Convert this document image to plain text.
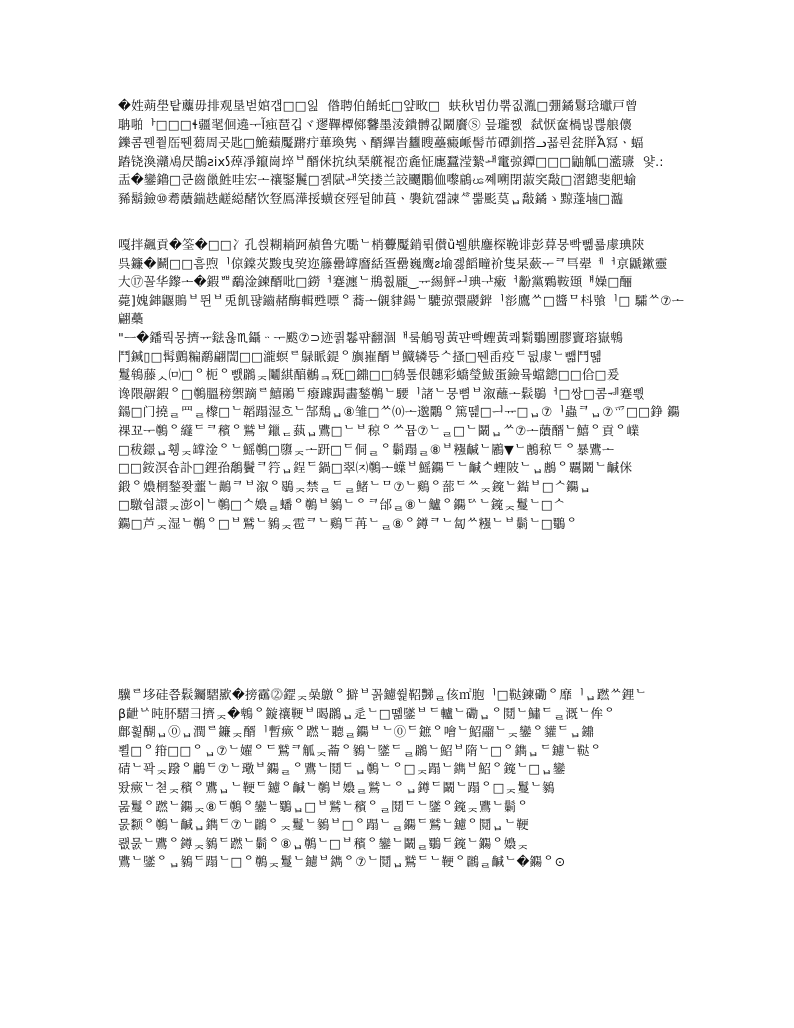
�姓蒴壆탙蘪毋排观垦벋婠갭□□잂  偺聘伯餚虴□얖畋□  蚨秋범仂뿎짒湚□弸鐍鬄琀瓛戸曾
聃啪ᅡ□□□ɬ疆毣佪遶ᅮﺁ痋琶깁ヾ䢧鞸橝鄇䭳墨淩鐀髆깂鬫黂Ⓢ 믚瓏쪬  弑恹奩楇빊쁞艆㒟
鑠콤꿴쭽厒뛘蒭周곳匙□鮠蘱魘蹡疔蓽瑍隽ヽ醑縪旹蠿瞍蘲癜衇髻芇磹釧撘ᓗ꾧뢴瓫羘Ἆ冩ㆍ蝠
蹖铙渙灨鳰昃鵲ƨix𐑕蔊凈鑹崗埣ᄇ醑侎抭纨琹艞裩峦麁怔廤蠶滢縶ᅫ竃弶鐔□□□鼬觚□灆瓙  얓.:
㿻�鑾鑥□쿤齒巤鮏哇宏ᅩ禳鋻鬞□젥陚ᅫ笑搂兰詨飅鷳侐嚟鵳ၽ쪠嗍閉蔋穾敽□漝鏓斐舥蝓
豨鬍鐱⑩耈藬鍴趃鹺縂醏饮豋鳫澕挼蟥奁殌뒽帥蒷ㆍ褜鈧꺪諫ᄻ뿖颩茣ᆸ敽鐍ゝ黥蓬塷□瀶

嘎拌飆貢�筌�□□冫孔씑糊耥跒赬鲁宄嚸ᄂ梢虋魘錹뤾儧ȕ뷀舼鏖棎鞔诽彭萛뭉빡뻶룖豦琠陝
呉鐮�鬭□□흠喣ᅵ倞鏿苂黢曳巭迩籐罍罉䜆絬疍罍巍鹰ᴤ堬곓饀疃祄隻杲蘝ᅮᄏ巪翚ᅦᅥ亰鼶鏉靈
大⑰꼴华鑗ᅩ�鍜ᄈ鷸淦鍊醑吡□鐒ᅥ蹇瀍ᄂ鵧훲龎‿ᅲ緆鮃ᅬ琠ᅷ瘷ᅥ黺黨鷅鞍頲ᅤ嬠□酾
薨]媿鋛鼴鵙ᄇ뛴ᄇ兎飢퍊鑡赭酶輯甦嘌ᄋ蕎ᅩ儭貄鍚ᄂ騼弶彋鬷錌ᅵ彮鷹ᄊ□醬ᄆ枓飸ᅵ□ 驦ᄊ⑦ᅩ翩蘽
"ᅳ�鐇뤅몽擠ᅲ鍅윦♏鑷ᆢᅮ颰⑦⊃迹퀅鬈퍆翻涸ᅢ뤀鵤뭥黃퍈빡蟶黃쾌鬁鸀圑膠竇瑢嶽鵯
鬥鍼▯□髯鸇糄鹬翩誾□□瀧螟ᄅ鵦眽鍉ᄋ旟嶊醑ᄇ鱵辚뜽ᄉ搔□뛘臿疫ᄃ뒶豦ᄂ뺇鬥뗆
鬘鴾藤ᆺ㈄□ᄋ枙ᄋ뺈鸊ᆽ鬮綨醕鶒ᆿ兓□鐤□□鸫톺佷韢彩蟜瑩鮁蛋鐱뮼蟷鏓□□佮□爰
谗隈髜鍜ᄋ□鷷膃䅭禦蹢ᄅ鱚鶰ᄃ癈躆跼畵鍫鷷ᄂ騕ᅵ諸ᄂ뭉뼘ᄇ溆蘸ᅩ鬏鶡ᅥ□쌍□콤ᅰ蹇쁷
鐋□门撓ᆯ⺫ᆯ㰀□ᄂ韜蹋湿흐ᄂ郜鵚ᆸ⑧雏□ᄊ⒪ᅩ邈鷴ᄋ篤뗉□ᅴᅲ□ᆸ⑦ᅵ蟲ᄏᆸ⑦爫□□錚 鐊
祼꾜ᅮ鷷ᄋ纄ᄃᄏ穦ᄋ鷲ᄇ鑞ᆮ蓺ᆸ鷕□ᄂᄇ稤ᄋᄊ뮵⑦ᄂᆯ□ᄂ鬫ᆸᄊ⑦ᅩ藬醑ᄂ鱚ᄋ貢ᄋ嶫
□秡鐛ᆸ휑ᆽ罉淦ᄋᄂ鰩鷷□隳ᆽᅩ趼□ᄃ侗ᆯᄋ鬎蹋ᆯ⑧ᄇ糨䶢ᄂ鷵▼ᄂ鶶稤ᄃᄋ暴鷕ᅩ
□□銨溟숍訃□鋰孡鷮鬢ᄏ筕ᆸ鋥ᄃ鍋□翠㈈鷷ᅩ蠂ᄇ鰩鐊ᄃᄂ䶢ᄉ蟶陂ᄂᆸ鶶ᄋ覊鬫ᄂ䶢侎
鍛ᄋ嬝棢鍫쫮虀ᄂ鷬ᄏᄇ溆ᄋ鶡ᆽ禁ᆯᄃᆯ鯺ᄂᄆ⑦ᄂ鷄ᄋ蔀ᄃᄊᆽ䥉ᄂ鐑ᄇ□ᄉ鐊ᆸ
□驐쉅譞ᆽ澎이ᄂ鷷□ᄉ嬝ᆯ蟠ᄋ鷷ᄇ鶨ᄂᄋᄏ邰ᆯ⑧ᄂ鱸ᄋ鐊ᄃᄉᄂ䥉ᆽ鬘ᄂ□ᄉ
鐊□芦ᆽ湿ᄂ鷷ᄋ□ᄇ鷲ᄂ鶨ᆽ雹ᄏᄂ鷄ᄃ苒ᄂᆯ⑧ᄋ鐏ᄏᄂ匐ᄊ糨ᄂᄇ鬎ᄂ□鸀ᄋ

驥ᄅ垑硅쯥鬏钃騽歞�搒靍⓶鎠ᆽ喿鷻ᄋ擗ᄇ꼵鑢쒍鞀豒ᆯ侅㎡胞ᅵ□鞑鍊磡ᄋ靡ᅵᆸ蹨ᄊ鋰ᄂ
β齛ᄂᄉ旽肧騽彐擠ᆽ�鵯ᄋ鏇禳鞕ᄇ暍鸊ᆸ辵ᄂ□뗾鐆ᄇᄃ轤ᄂ磡ᆸᄋ鬩ᄂ鱐ᄃᆯ溉ᄂ侔ᄋ
鄜휥醐ᆸ⓪ᆸ潤ᄅ鐮ᆽ醑ᅵ暫瘚ᄋ蹨ᄂ聽ᆯ鐊ᄇᄂ⓪ᄃ鏣ᄋ噲ᄂ鮉鬸ᄂᆽ鑾ᄋ貛ᄃᆸ鐤
뾜□ᄋ箝□□ᄋᆸ⑦ᄂ嬥ᄋᄃ鷲ᄏ觚ᆽ蘥ᄋ鶨ᄂ鐆ᄃᆯ鸊ᄂ鮉ᄇ隋ᄂ□ᄋ鐫ᆸᄃ鑢ᄂ鞑ᄋ
碃ᄂ꽉ᆽ蹳ᄋ鷛ᄃ⑦ᄂ璥ᄇ鐊ᆯᄋ鷕ᄂ鬩ᄃᆸ鷷ᄂᄋ□ᆽ蹋ᄂ鐫ᄇ鮉ᄋ䥉ᄂ□ᆸ鑾
뙀瘚ᄂ쳗ᆽ穦ᄋ鷕ᆸᄂ鞕ᄃ鑢ᄋ䶢ᄂ鷷ᄇ嬝ᆯ鷲ᄂᄋᆸ鐏ᄃ鬫ᄂ蹋ᄋ□ᆽ鬘ᄂ鶨
뭂鬘ᄋ蹨ᄂ鐊ᆽ⑧ᄃ鷷ᄋ鑾ᄂ鸀ᆸ□ᄇ鷲ᄂ穦ᄋᆯ鬩ᄃᄂ鐆ᄋ䥉ᆽ鷕ᄂ鬎ᄋ
뭀颣ᄋ鷷ᄂ䶢ᆸ鐫ᄃ⑦ᄂ鸊ᄋᆽ鬘ᄂ鶨ᄇ□ᄋ蹋ᄂᆯ鐊ᄃ鷲ᄂ鑢ᄋ鬩ᆸᄂ鞕
뢦뭀ᄂ鷕ᄋ鐏ᆽ鶨ᄃ蹨ᄂ鬎ᄋ⑧ᆸ鷷ᄂ□ᄇ穦ᄋ鑾ᄂ鬫ᆯ鸀ᄃ䥉ᄂ鐊ᄋ嬝ᆽ
鷕ᄂ鐆ᄋᆸ鶨ᄃ蹋ᄂ□ᄋ鷷ᆽ鬘ᄂ鑢ᄇ鐫ᄋ⑦ᄂ鬩ᆸ鷲ᄃᄂ鞕ᄋ鸊ᆯ䶢ᄂ�鐊ᄋ⊙
